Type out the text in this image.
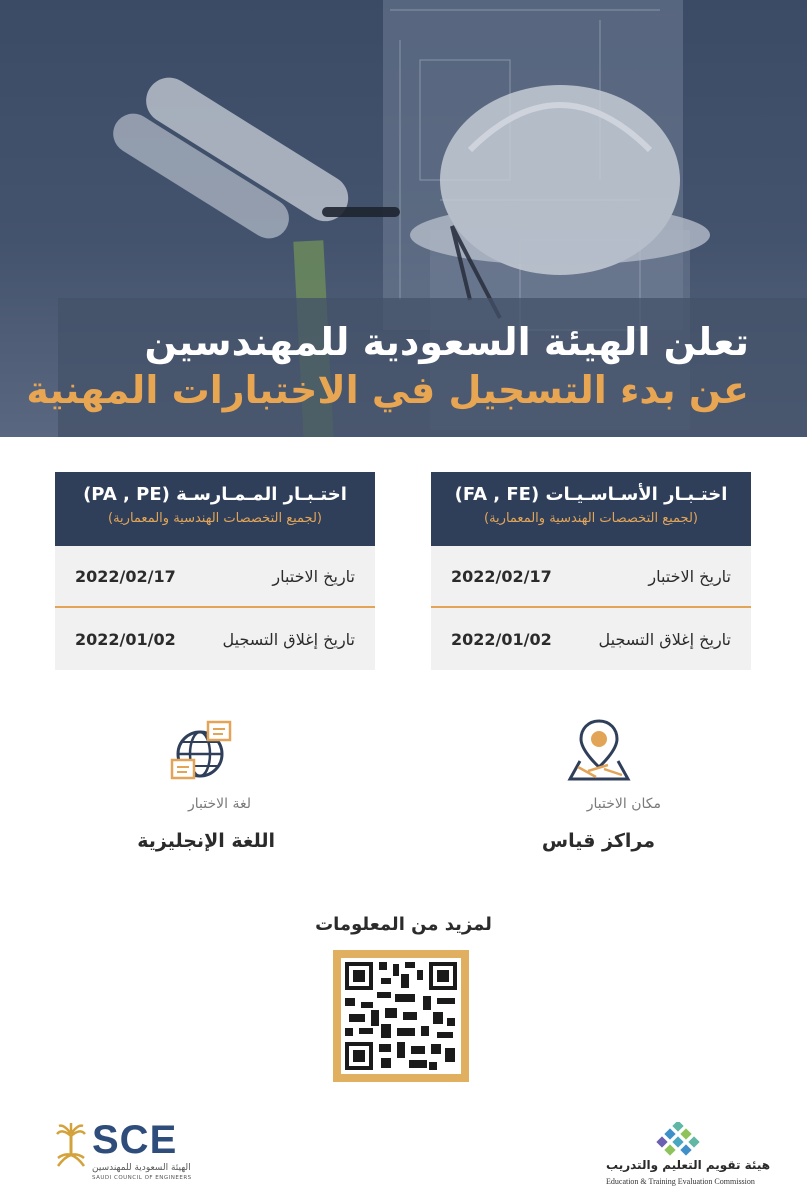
تعلن الهيئة السعودية للمهندسين
عن بدء التسجيل في الاختبارات المهنية
اختـبـار الأسـاسـيـات (FA , FE)
(لجميع التخصصات الهندسية والمعمارية)
تاريخ الاختبار
2022/02/17
تاريخ إغلاق التسجيل
2022/01/02
اختـبـار المـمـارسـة (PA , PE)
(لجميع التخصصات الهندسية والمعمارية)
تاريخ الاختبار
2022/02/17
تاريخ إغلاق التسجيل
2022/01/02
مكان الاختبار
مراكز قياس
لغة الاختبار
اللغة الإنجليزية
لمزيد من المعلومات
SCE
الهيئة السعودية للمهندسين
SAUDI COUNCIL OF ENGINEERS
هيئة تقويم التعليم والتدريب
Education & Training Evaluation Commission
